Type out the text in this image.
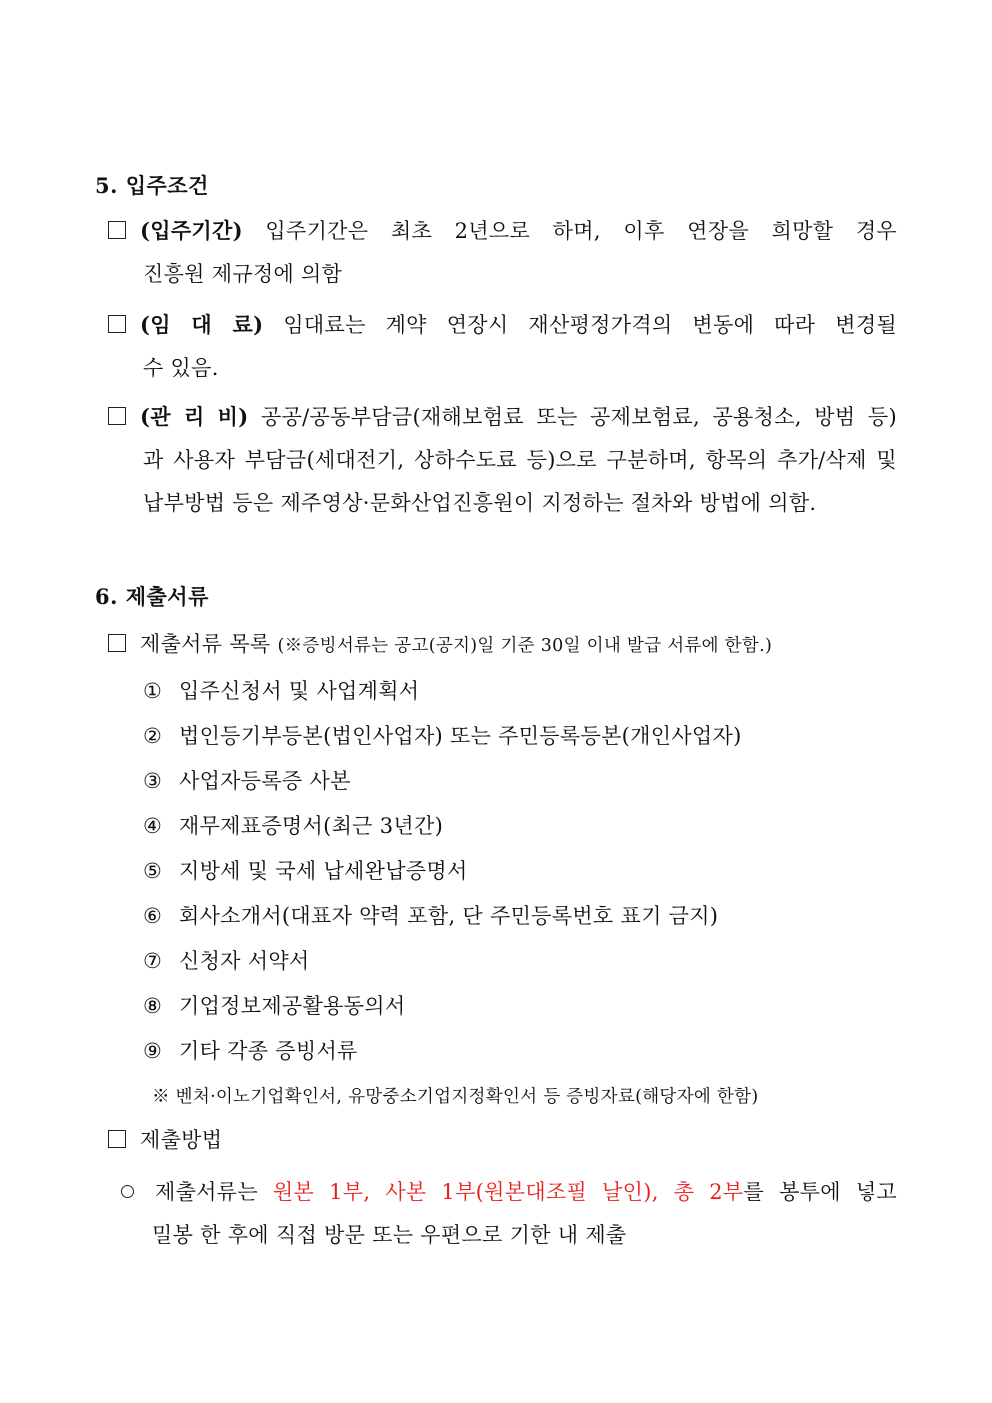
5. 입주조건
(입주기간) 입주기간은 최초 2년으로 하며, 이후 연장을 희망할 경우
진흥원 제규정에 의함
(임 대 료) 임대료는 계약 연장시 재산평정가격의 변동에 따라 변경될
수 있음.
(관 리 비) 공공/공동부담금(재해보험료 또는 공제보험료, 공용청소, 방범 등)
과 사용자 부담금(세대전기, 상하수도료 등)으로 구분하며, 항목의 추가/삭제 및
납부방법 등은 제주영상·문화산업진흥원이 지정하는 절차와 방법에 의함.
6. 제출서류
제출서류 목록 (※증빙서류는 공고(공지)일 기준 30일 이내 발급 서류에 한함.)
① 입주신청서 및 사업계획서
② 법인등기부등본(법인사업자) 또는 주민등록등본(개인사업자)
③ 사업자등록증 사본
④ 재무제표증명서(최근 3년간)
⑤ 지방세 및 국세 납세완납증명서
⑥ 회사소개서(대표자 약력 포함, 단 주민등록번호 표기 금지)
⑦ 신청자 서약서
⑧ 기업정보제공활용동의서
⑨ 기타 각종 증빙서류
※ 벤처·이노기업확인서, 유망중소기업지정확인서 등 증빙자료(해당자에 한함)
제출방법
제출서류는 원본 1부, 사본 1부(원본대조필 날인), 총 2부를 봉투에 넣고
밀봉 한 후에 직접 방문 또는 우편으로 기한 내 제출
